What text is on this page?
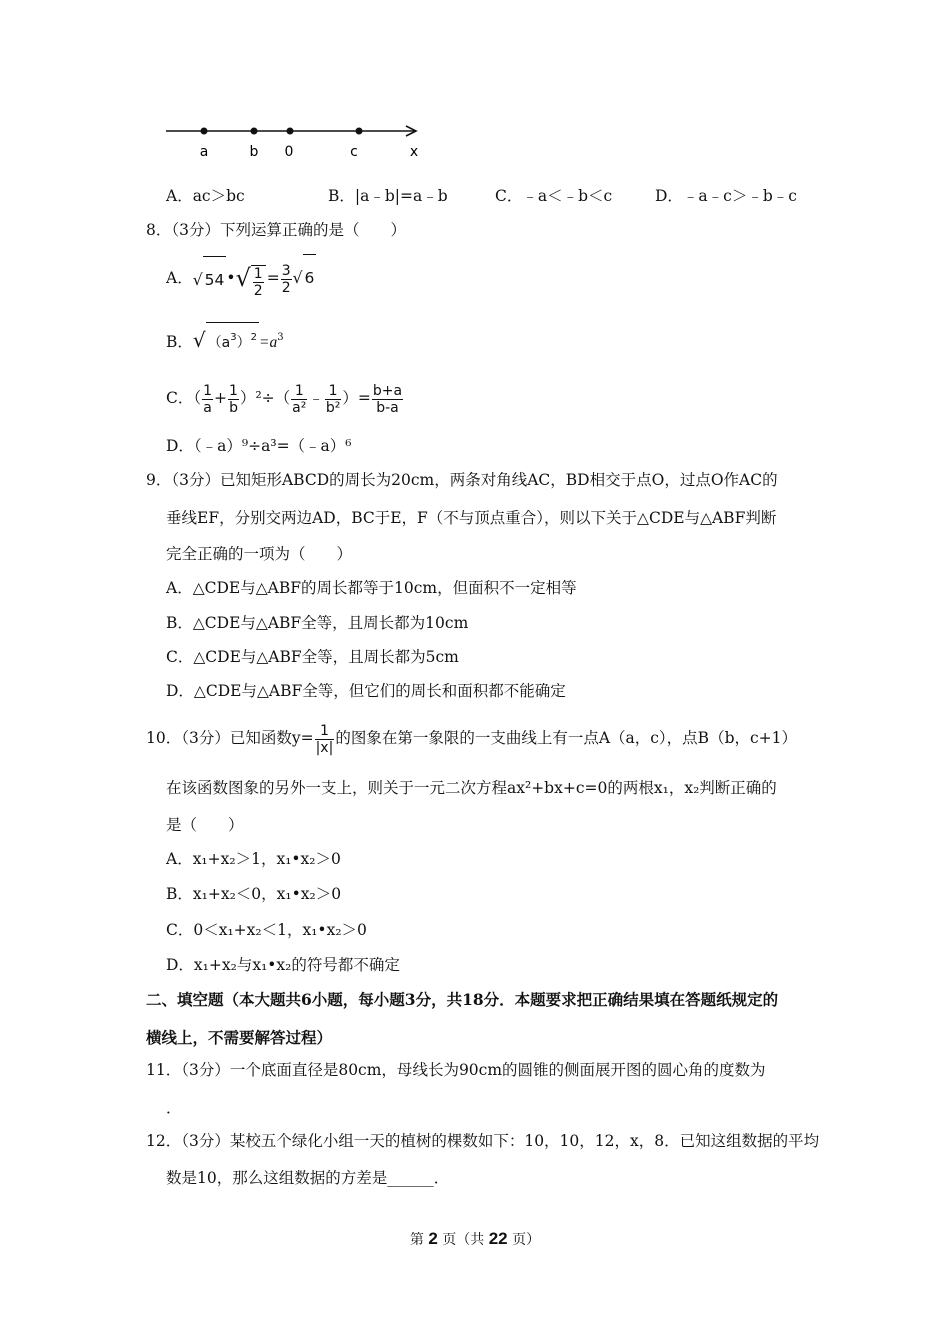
a	b 0	c	x
A．ac＞bc	B．|a﹣b|=a﹣b	C．﹣a＜﹣b＜c	D．﹣a﹣c＞﹣b﹣c
8．（3分）下列运算正确的是（　　）
A．√ 54 •√ $\frac{1}{2} = \frac{3}{2}$ √ 6
B．√ $(a^3)^2 =a^3$
C．（ $\frac{1}{a} + \frac{1}{b} )^2\div( \frac{1}{\text{a²}}$ ﹣ $\frac{1}{\text{b²}}$ ）= $\frac{b+a}{b-a}$
D．（﹣a）⁹÷a³=（﹣a）⁶
9．（3分）已知矩形ABCD的周长为20cm，两条对角线AC，BD相交于点O，过点O作AC的
垂线EF，分别交两边AD，BC于E，F（不与顶点重合），则以下关于△CDE与△ABF判断
完全正确的一项为（　　）
A．△CDE与△ABF的周长都等于10cm，但面积不一定相等
B．△CDE与△ABF全等，且周长都为10cm
C．△CDE与△ABF全等，且周长都为5cm
D．△CDE与△ABF全等，但它们的周长和面积都不能确定
10．（3分）已知函数$y= \frac{1}{|x|}$ 的图象在第一象限的一支曲线上有一点A（a，c），点B（b，c+1）
在该函数图象的另外一支上，则关于一元二次方程ax²+bx+c=0的两根x₁，x₂判断正确的
是（　　）
A．x₁+x₂＞1，x₁•x₂＞0
B．x₁+x₂＜0，x₁•x₂＞0
C．0＜x₁+x₂＜1，x₁•x₂＞0
D．x₁+x₂与x₁•x₂的符号都不确定
二、填空题（本大题共6小题，每小题3分，共18分．本题要求把正确结果填在答题纸规定的
横线上，不需要解答过程）
11．（3分）一个底面直径是80cm，母线长为90cm的圆锥的侧面展开图的圆心角的度数为
．
12．（3分）某校五个绿化小组一天的植树的棵数如下：10，10，12，x，8．已知这组数据的平均
数是10，那么这组数据的方差是______．
第 2 页（共 22 页）
